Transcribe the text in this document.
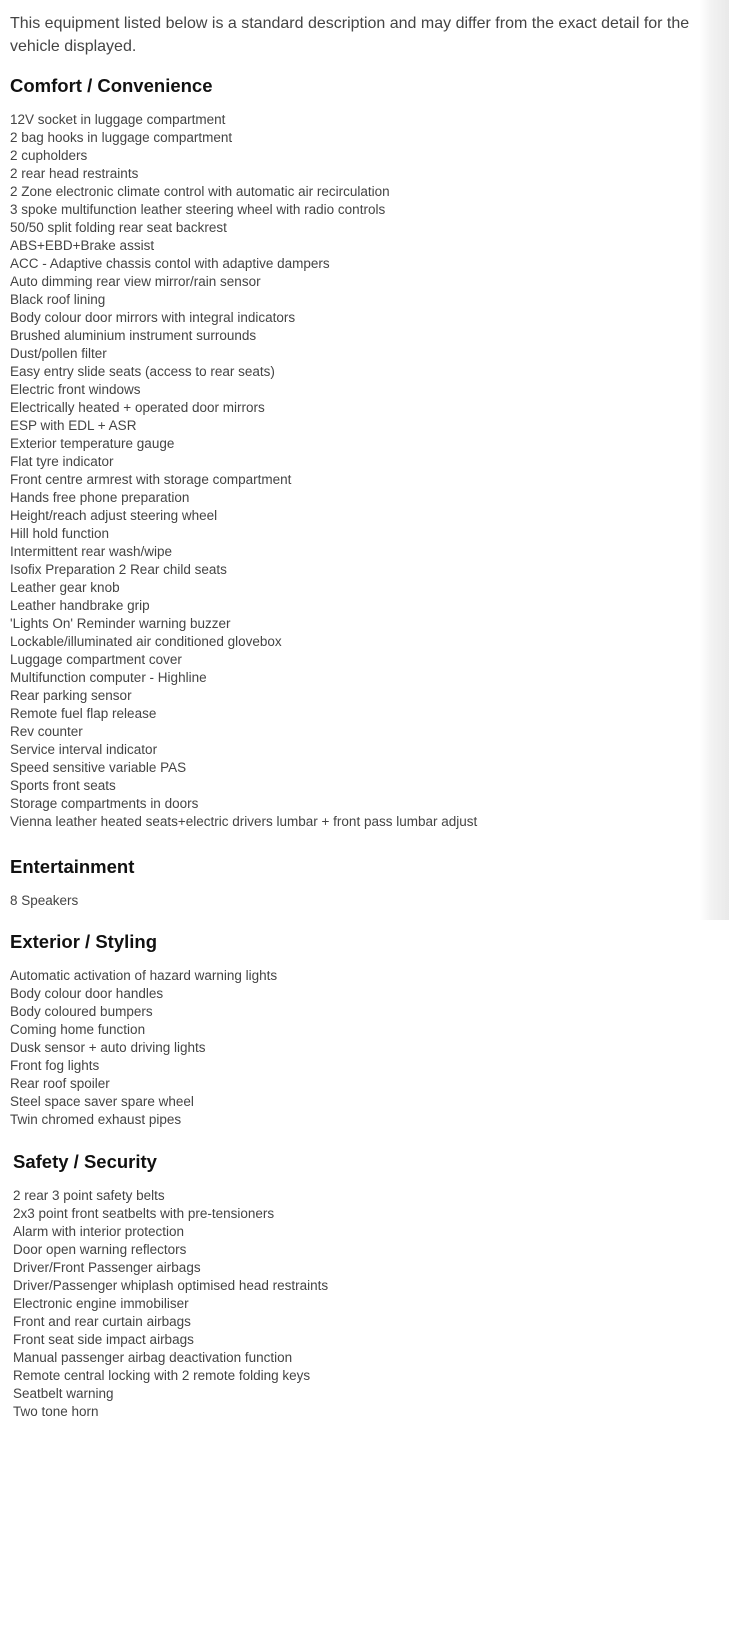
This equipment listed below is a standard description and may differ from the exact detail for the vehicle displayed.

Comfort / Convenience
12V socket in luggage compartment
2 bag hooks in luggage compartment
2 cupholders
2 rear head restraints
2 Zone electronic climate control with automatic air recirculation
3 spoke multifunction leather steering wheel with radio controls
50/50 split folding rear seat backrest
ABS+EBD+Brake assist
ACC - Adaptive chassis contol with adaptive dampers
Auto dimming rear view mirror/rain sensor
Black roof lining
Body colour door mirrors with integral indicators
Brushed aluminium instrument surrounds
Dust/pollen filter
Easy entry slide seats (access to rear seats)
Electric front windows
Electrically heated + operated door mirrors
ESP with EDL + ASR
Exterior temperature gauge
Flat tyre indicator
Front centre armrest with storage compartment
Hands free phone preparation
Height/reach adjust steering wheel
Hill hold function
Intermittent rear wash/wipe
Isofix Preparation 2 Rear child seats
Leather gear knob
Leather handbrake grip
'Lights On' Reminder warning buzzer
Lockable/illuminated air conditioned glovebox
Luggage compartment cover
Multifunction computer - Highline
Rear parking sensor
Remote fuel flap release
Rev counter
Service interval indicator
Speed sensitive variable PAS
Sports front seats
Storage compartments in doors
Vienna leather heated seats+electric drivers lumbar + front pass lumbar adjust
Entertainment
8 Speakers
Exterior / Styling
Automatic activation of hazard warning lights
Body colour door handles
Body coloured bumpers
Coming home function
Dusk sensor + auto driving lights
Front fog lights
Rear roof spoiler
Steel space saver spare wheel
Twin chromed exhaust pipes
Safety / Security
2 rear 3 point safety belts
2x3 point front seatbelts with pre-tensioners
Alarm with interior protection
Door open warning reflectors
Driver/Front Passenger airbags
Driver/Passenger whiplash optimised head restraints
Electronic engine immobiliser
Front and rear curtain airbags
Front seat side impact airbags
Manual passenger airbag deactivation function
Remote central locking with 2 remote folding keys
Seatbelt warning
Two tone horn
